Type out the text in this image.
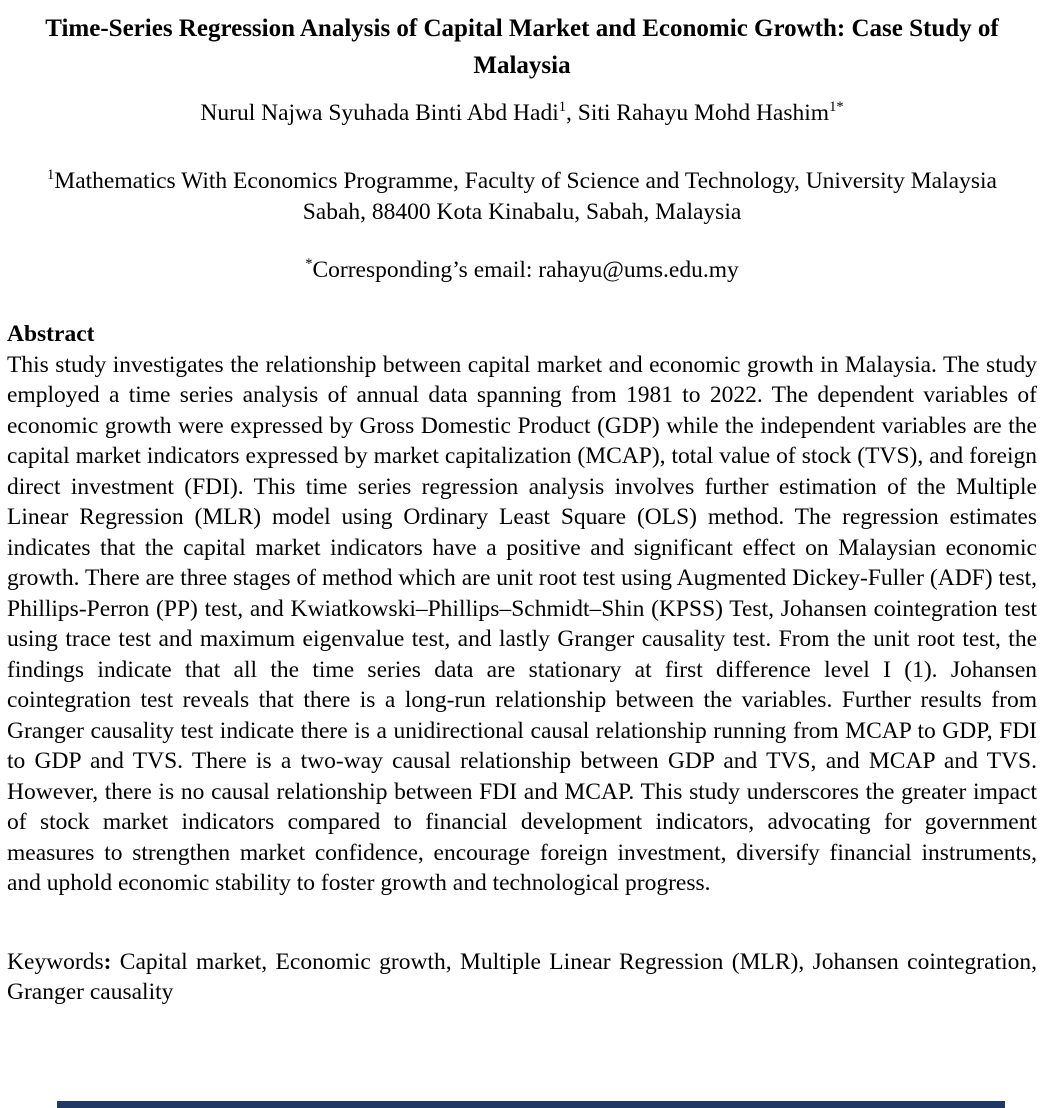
Time-Series Regression Analysis of Capital Market and Economic Growth: Case Study of Malaysia

Nurul Najwa Syuhada Binti Abd Hadi$^1$, Siti Rahayu Mohd Hashim$^{1*}$

$^1$Mathematics With Economics Programme, Faculty of Science and Technology, University Malaysia Sabah, 88400 Kota Kinabalu, Sabah, Malaysia

*Corresponding’s email: rahayu@ums.edu.my

Abstract

This study investigates the relationship between capital market and economic growth in Malaysia. The study employed a time series analysis of annual data spanning from 1981 to 2022. The dependent variables of economic growth were expressed by Gross Domestic Product (GDP) while the independent variables are the capital market indicators expressed by market capitalization (MCAP), total value of stock (TVS), and foreign direct investment (FDI). This time series regression analysis involves further estimation of the Multiple Linear Regression (MLR) model using Ordinary Least Square (OLS) method. The regression estimates indicates that the capital market indicators have a positive and significant effect on Malaysian economic growth. There are three stages of method which are unit root test using Augmented Dickey-Fuller (ADF) test, Phillips-Perron (PP) test, and Kwiatkowski–Phillips–Schmidt–Shin (KPSS) Test, Johansen cointegration test using trace test and maximum eigenvalue test, and lastly Granger causality test. From the unit root test, the findings indicate that all the time series data are stationary at first difference level I (1). Johansen cointegration test reveals that there is a long-run relationship between the variables. Further results from Granger causality test indicate there is a unidirectional causal relationship running from MCAP to GDP, FDI to GDP and TVS. There is a two-way causal relationship between GDP and TVS, and MCAP and TVS. However, there is no causal relationship between FDI and MCAP. This study underscores the greater impact of stock market indicators compared to financial development indicators, advocating for government measures to strengthen market confidence, encourage foreign investment, diversify financial instruments, and uphold economic stability to foster growth and technological progress.

Keywords: Capital market, Economic growth, Multiple Linear Regression (MLR), Johansen cointegration, Granger causality
